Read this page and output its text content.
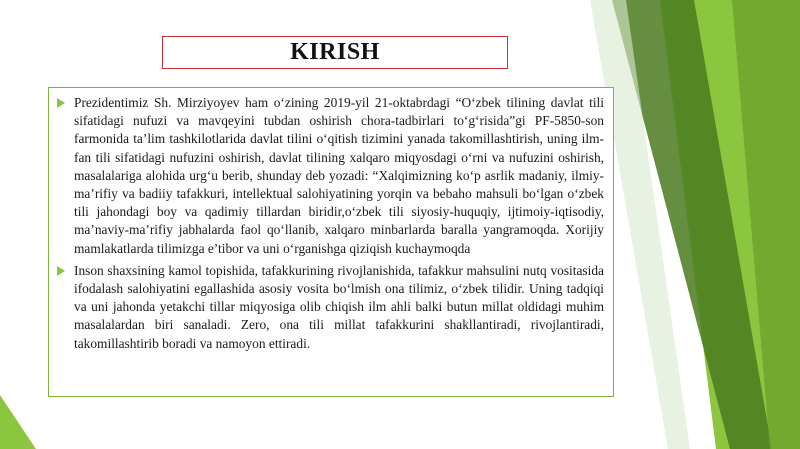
KIRISH
Prezidentimiz Sh. Mirziyoyev ham oʻzining 2019-yil 21-oktabrdagi “Oʻzbek tilining davlat tili sifatidagi nufuzi va mavqeyini tubdan oshirish chora-tadbirlari toʻgʻrisida”gi PF-5850-son farmonida ta’lim tashkilotlarida davlat tilini oʻqitish tizimini yanada takomillashtirish, uning ilm-fan tili sifatidagi nufuzini oshirish, davlat tilining xalqaro miqyosdagi oʻrni va nufuzini oshirish, masalalariga alohida urgʻu berib, shunday deb yozadi: “Xalqimizning koʻp asrlik madaniy, ilmiy-ma’rifiy va badiiy tafakkuri, intellektual salohiyatining yorqin va bebaho mahsuli boʻlgan oʻzbek tili jahondagi boy va qadimiy tillardan biridir,oʻzbek tili siyosiy-huquqiy, ijtimoiy-iqtisodiy, ma’naviy-ma’rifiy jabhalarda faol qoʻllanib, xalqaro minbarlarda baralla yangramoqda. Xorijiy mamlakatlarda tilimizga e’tibor va uni oʻrganishga qiziqish kuchaymoqda
Inson shaxsining kamol topishida, tafakkurining rivojlanishida, tafakkur mahsulini nutq vositasida ifodalash salohiyatini egallashida asosiy vosita boʻlmish ona tilimiz, oʻzbek tilidir. Uning tadqiqi va uni jahonda yetakchi tillar miqyosiga olib chiqish ilm ahli balki butun millat oldidagi muhim masalalardan biri sanaladi. Zero, ona tili millat tafakkurini shakllantiradi, rivojlantiradi, takomillashtirib boradi va namoyon ettiradi.
